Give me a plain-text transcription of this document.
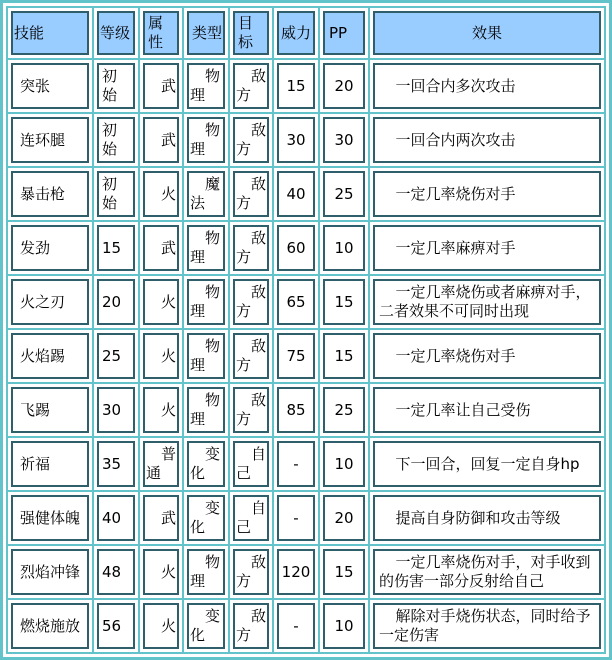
技能	等级	属性	类型	目标	威力	PP	效果
突张	初始	武	物理	敌方	15	20	一回合内多次攻击
连环腿	初始	武	物理	敌方	30	30	一回合内两次攻击
暴击枪	初始	火	魔法	敌方	40	25	一定几率烧伤对手
发劲	15	武	物理	敌方	60	10	一定几率麻痹对手
火之刃	20	火	物理	敌方	65	15	一定几率烧伤或者麻痹对手，二者效果不可同时出现
火焰踢	25	火	物理	敌方	75	15	一定几率烧伤对手
飞踢	30	火	物理	敌方	85	25	一定几率让自己受伤
祈福	35	普通	变化	自己	-	10	下一回合，回复一定自身hp
强健体魄	40	武	变化	自己	-	20	提高自身防御和攻击等级
烈焰冲锋	48	火	物理	敌方	120	15	一定几率烧伤对手，对手收到的伤害一部分反射给自己
燃烧施放	56	火	变化	敌方	-	10	解除对手烧伤状态，同时给予一定伤害
